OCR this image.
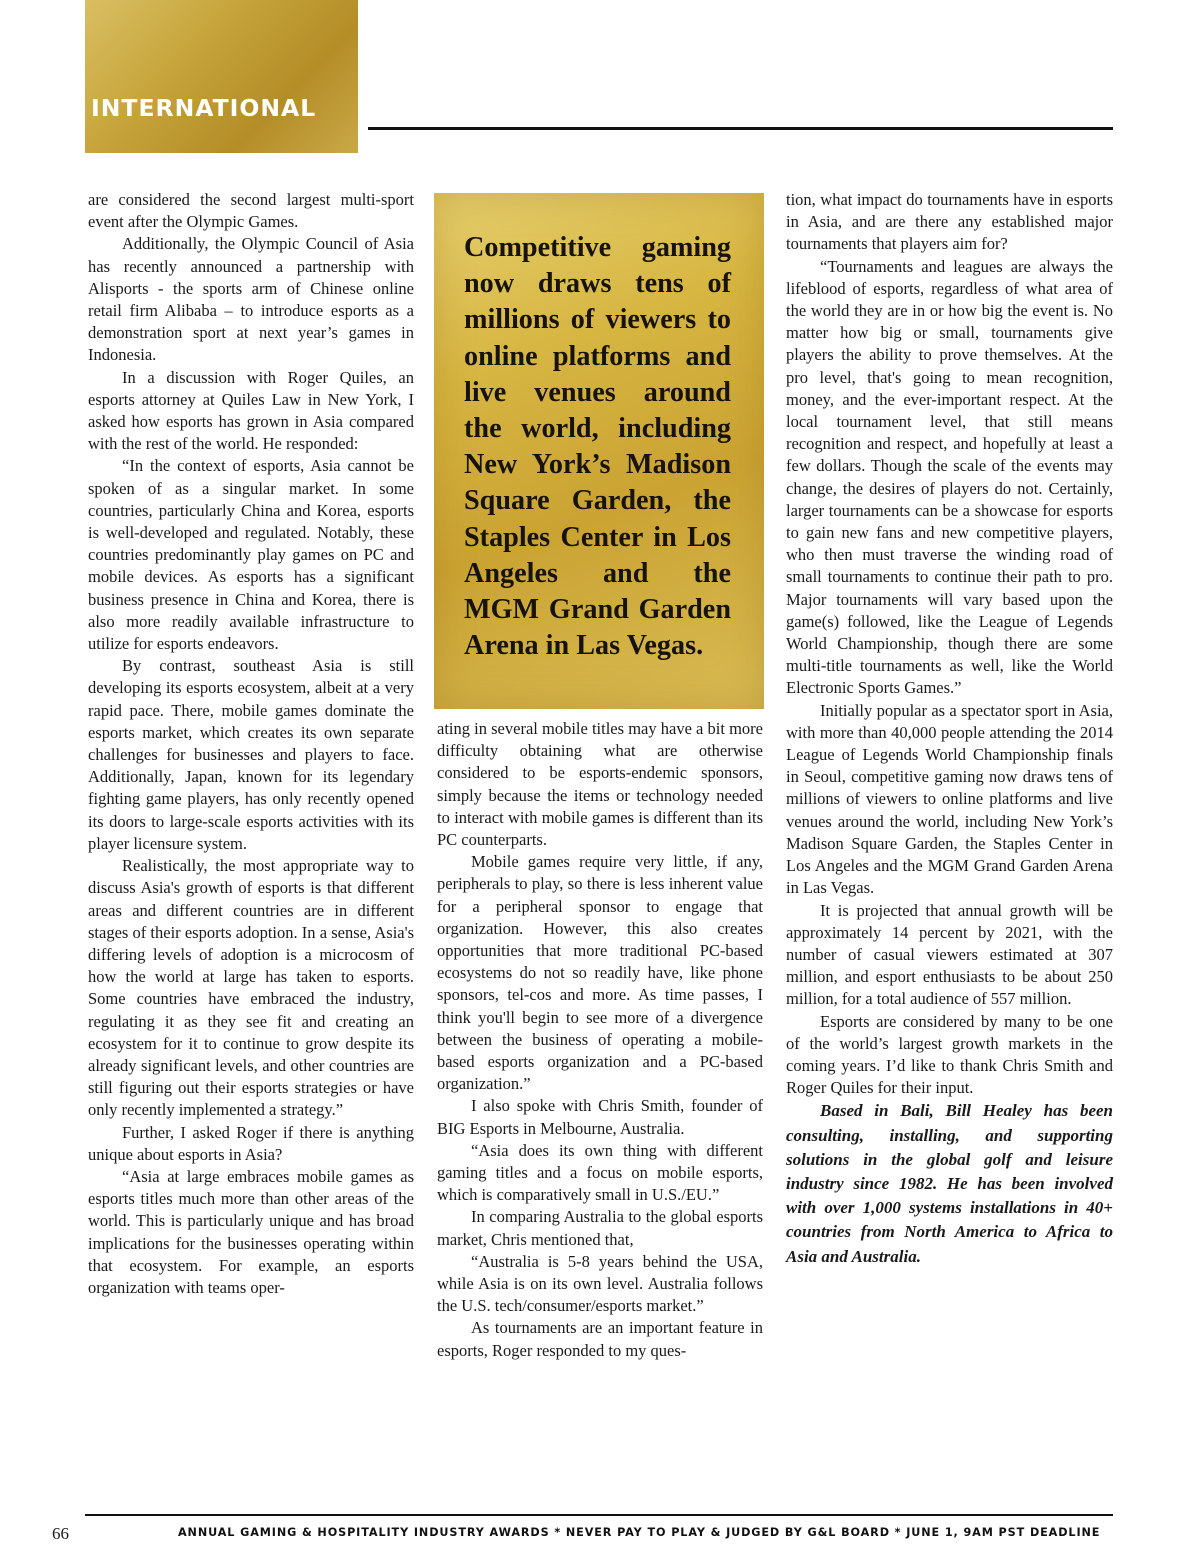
INTERNATIONAL

are considered the second largest multi-sport event after the Olympic Games.

Additionally, the Olympic Council of Asia has recently announced a partnership with Alisports - the sports arm of Chinese online retail firm Alibaba – to introduce esports as a demonstration sport at next year’s games in Indonesia.

In a discussion with Roger Quiles, an esports attorney at Quiles Law in New York, I asked how esports has grown in Asia compared with the rest of the world. He responded:

“In the context of esports, Asia cannot be spoken of as a singular market. In some countries, particularly China and Korea, esports is well-developed and regulated. Notably, these countries predominantly play games on PC and mobile devices. As esports has a significant business presence in China and Korea, there is also more readily available infrastructure to utilize for esports endeavors.

By contrast, southeast Asia is still developing its esports ecosystem, albeit at a very rapid pace. There, mobile games dominate the esports market, which creates its own separate challenges for businesses and players to face. Additionally, Japan, known for its legendary fighting game players, has only recently opened its doors to large-scale esports activities with its player licensure system.

Realistically, the most appropriate way to discuss Asia's growth of esports is that different areas and different countries are in different stages of their esports adoption. In a sense, Asia's differing levels of adoption is a microcosm of how the world at large has taken to esports. Some countries have embraced the industry, regulating it as they see fit and creating an ecosystem for it to continue to grow despite its already significant levels, and other countries are still figuring out their esports strategies or have only recently implemented a strategy.”

Further, I asked Roger if there is anything unique about esports in Asia?

“Asia at large embraces mobile games as esports titles much more than other areas of the world. This is particularly unique and has broad implications for the businesses operating within that ecosystem. For example, an esports organization with teams oper-

Competitive gaming now draws tens of millions of viewers to online platforms and live venues around the world, including New York’s Madison Square Garden, the Staples Center in Los Angeles and the MGM Grand Garden Arena in Las Vegas.

ating in several mobile titles may have a bit more difficulty obtaining what are otherwise considered to be esports-endemic sponsors, simply because the items or technology needed to interact with mobile games is different than its PC counterparts.

Mobile games require very little, if any, peripherals to play, so there is less inherent value for a peripheral sponsor to engage that organization. However, this also creates opportunities that more traditional PC-based ecosystems do not so readily have, like phone sponsors, tel-cos and more. As time passes, I think you'll begin to see more of a divergence between the business of operating a mobile-based esports organization and a PC-based organization.”

I also spoke with Chris Smith, founder of BIG Esports in Melbourne, Australia.

“Asia does its own thing with different gaming titles and a focus on mobile esports, which is comparatively small in U.S./EU.”

In comparing Australia to the global esports market, Chris mentioned that,

“Australia is 5-8 years behind the USA, while Asia is on its own level. Australia follows the U.S. tech/consumer/esports market.”

As tournaments are an important feature in esports, Roger responded to my ques-

tion, what impact do tournaments have in esports in Asia, and are there any established major tournaments that players aim for?

“Tournaments and leagues are always the lifeblood of esports, regardless of what area of the world they are in or how big the event is. No matter how big or small, tournaments give players the ability to prove themselves. At the pro level, that's going to mean recognition, money, and the ever-important respect. At the local tournament level, that still means recognition and respect, and hopefully at least a few dollars. Though the scale of the events may change, the desires of players do not. Certainly, larger tournaments can be a showcase for esports to gain new fans and new competitive players, who then must traverse the winding road of small tournaments to continue their path to pro. Major tournaments will vary based upon the game(s) followed, like the League of Legends World Championship, though there are some multi-title tournaments as well, like the World Electronic Sports Games.”

Initially popular as a spectator sport in Asia, with more than 40,000 people attending the 2014 League of Legends World Championship finals in Seoul, competitive gaming now draws tens of millions of viewers to online platforms and live venues around the world, including New York’s Madison Square Garden, the Staples Center in Los Angeles and the MGM Grand Garden Arena in Las Vegas.

It is projected that annual growth will be approximately 14 percent by 2021, with the number of casual viewers estimated at 307 million, and esport enthusiasts to be about 250 million, for a total audience of 557 million.

Esports are considered by many to be one of the world’s largest growth markets in the coming years. I’d like to thank Chris Smith and Roger Quiles for their input.

Based in Bali, Bill Healey has been consulting, installing, and supporting solutions in the global golf and leisure industry since 1982. He has been involved with over 1,000 systems installations in 40+ countries from North America to Africa to Asia and Australia.

66	ANNUAL GAMING & HOSPITALITY INDUSTRY AWARDS * NEVER PAY TO PLAY & JUDGED BY G&L BOARD * JUNE 1, 9AM PST DEADLINE
